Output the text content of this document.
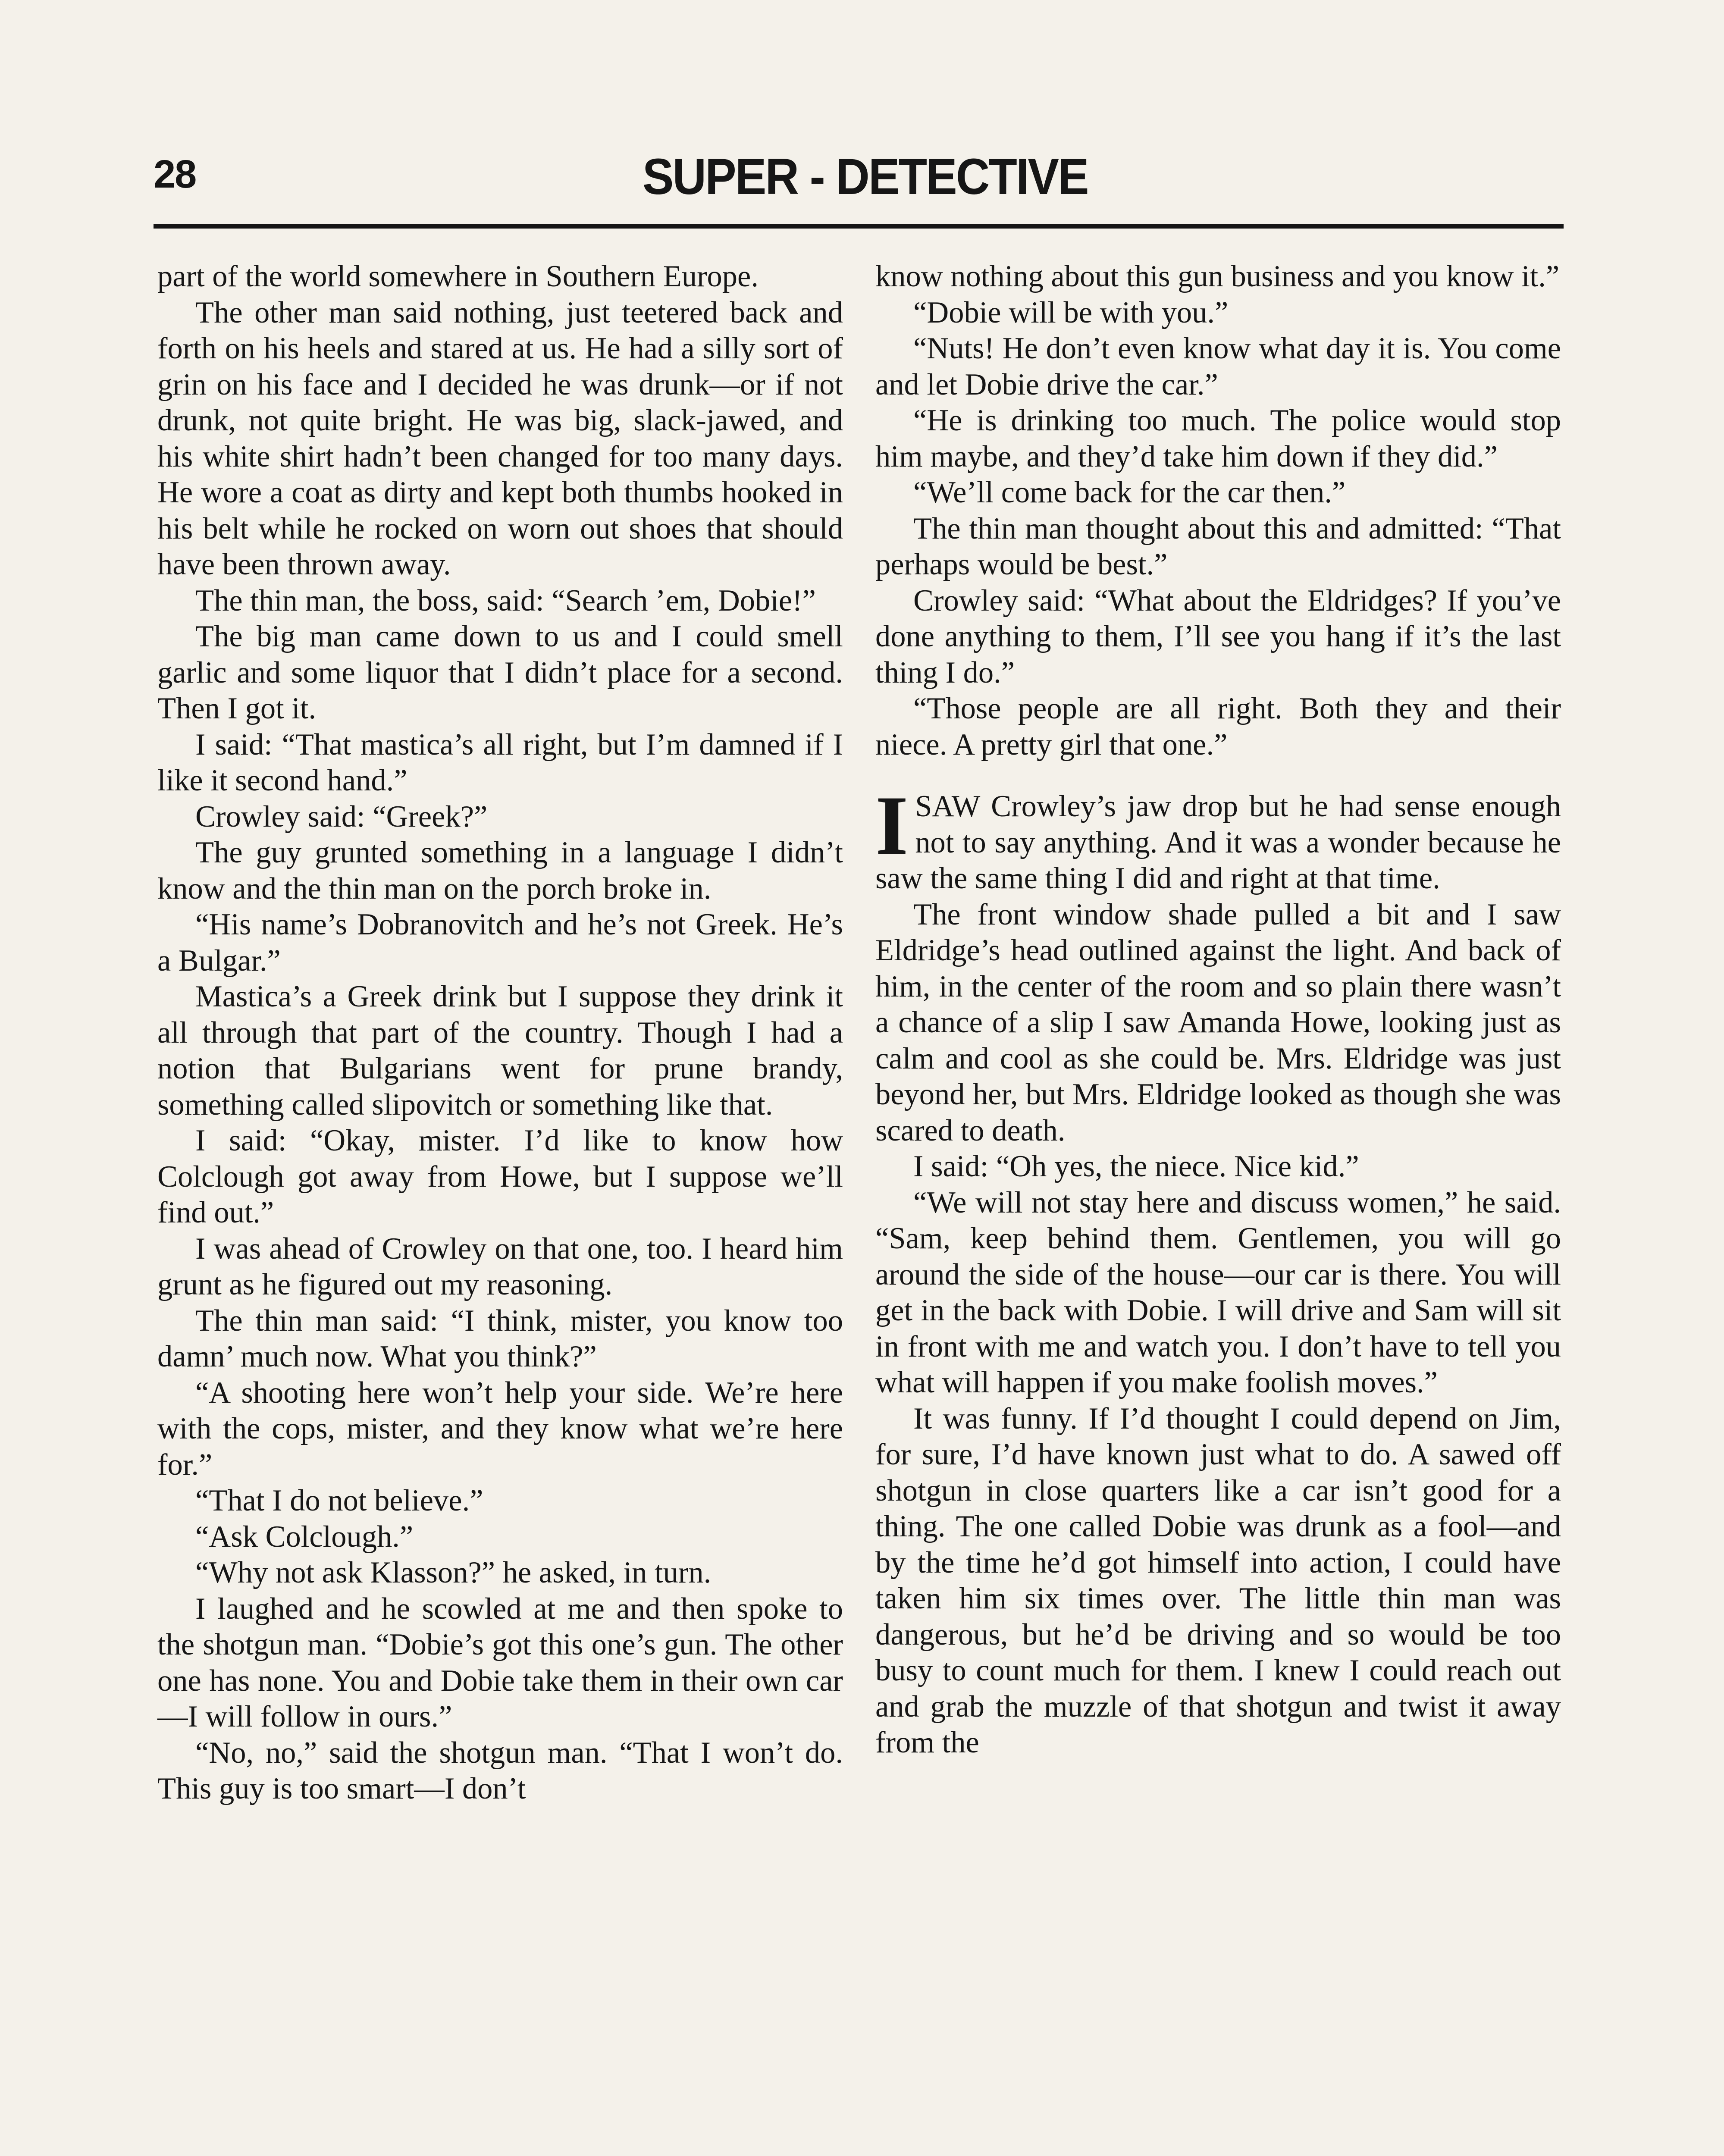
28	SUPER - DETECTIVE

part of the world somewhere in Southern Europe.

The other man said nothing, just teetered back and forth on his heels and stared at us. He had a silly sort of grin on his face and I decided he was drunk—or if not drunk, not quite bright. He was big, slack-jawed, and his white shirt hadn’t been changed for too many days. He wore a coat as dirty and kept both thumbs hooked in his belt while he rocked on worn out shoes that should have been thrown away.

The thin man, the boss, said: “Search ’em, Dobie!”

The big man came down to us and I could smell garlic and some liquor that I didn’t place for a second. Then I got it.

I said: “That mastica’s all right, but I’m damned if I like it second hand.”

Crowley said: “Greek?”

The guy grunted something in a language I didn’t know and the thin man on the porch broke in.

“His name’s Dobranovitch and he’s not Greek. He’s a Bulgar.”

Mastica’s a Greek drink but I suppose they drink it all through that part of the country. Though I had a notion that Bulgarians went for prune brandy, something called slipovitch or something like that.

I said: “Okay, mister. I’d like to know how Colclough got away from Howe, but I suppose we’ll find out.”

I was ahead of Crowley on that one, too. I heard him grunt as he figured out my reasoning.

The thin man said: “I think, mister, you know too damn’ much now. What you think?”

“A shooting here won’t help your side. We’re here with the cops, mister, and they know what we’re here for.”

“That I do not believe.”

“Ask Colclough.”

“Why not ask Klasson?” he asked, in turn.

I laughed and he scowled at me and then spoke to the shotgun man. “Dobie’s got this one’s gun. The other one has none. You and Dobie take them in their own car—I will follow in ours.”

“No, no,” said the shotgun man. “That I won’t do. This guy is too smart—I don’t

know nothing about this gun business and you know it.”

“Dobie will be with you.”

“Nuts! He don’t even know what day it is. You come and let Dobie drive the car.”

“He is drinking too much. The police would stop him maybe, and they’d take him down if they did.”

“We’ll come back for the car then.”

The thin man thought about this and admitted: “That perhaps would be best.”

Crowley said: “What about the Eldridges? If you’ve done anything to them, I’ll see you hang if it’s the last thing I do.”

“Those people are all right. Both they and their niece. A pretty girl that one.”

I SAW Crowley’s jaw drop but he had sense enough not to say anything. And it was a wonder because he saw the same thing I did and right at that time.

The front window shade pulled a bit and I saw Eldridge’s head outlined against the light. And back of him, in the center of the room and so plain there wasn’t a chance of a slip I saw Amanda Howe, looking just as calm and cool as she could be. Mrs. Eldridge was just beyond her, but Mrs. Eldridge looked as though she was scared to death.

I said: “Oh yes, the niece. Nice kid.”

“We will not stay here and discuss women,” he said. “Sam, keep behind them. Gentlemen, you will go around the side of the house—our car is there. You will get in the back with Dobie. I will drive and Sam will sit in front with me and watch you. I don’t have to tell you what will happen if you make foolish moves.”

It was funny. If I’d thought I could depend on Jim, for sure, I’d have known just what to do. A sawed off shotgun in close quarters like a car isn’t good for a thing. The one called Dobie was drunk as a fool—and by the time he’d got himself into action, I could have taken him six times over. The little thin man was dangerous, but he’d be driving and so would be too busy to count much for them. I knew I could reach out and grab the muzzle of that shotgun and twist it away from the
